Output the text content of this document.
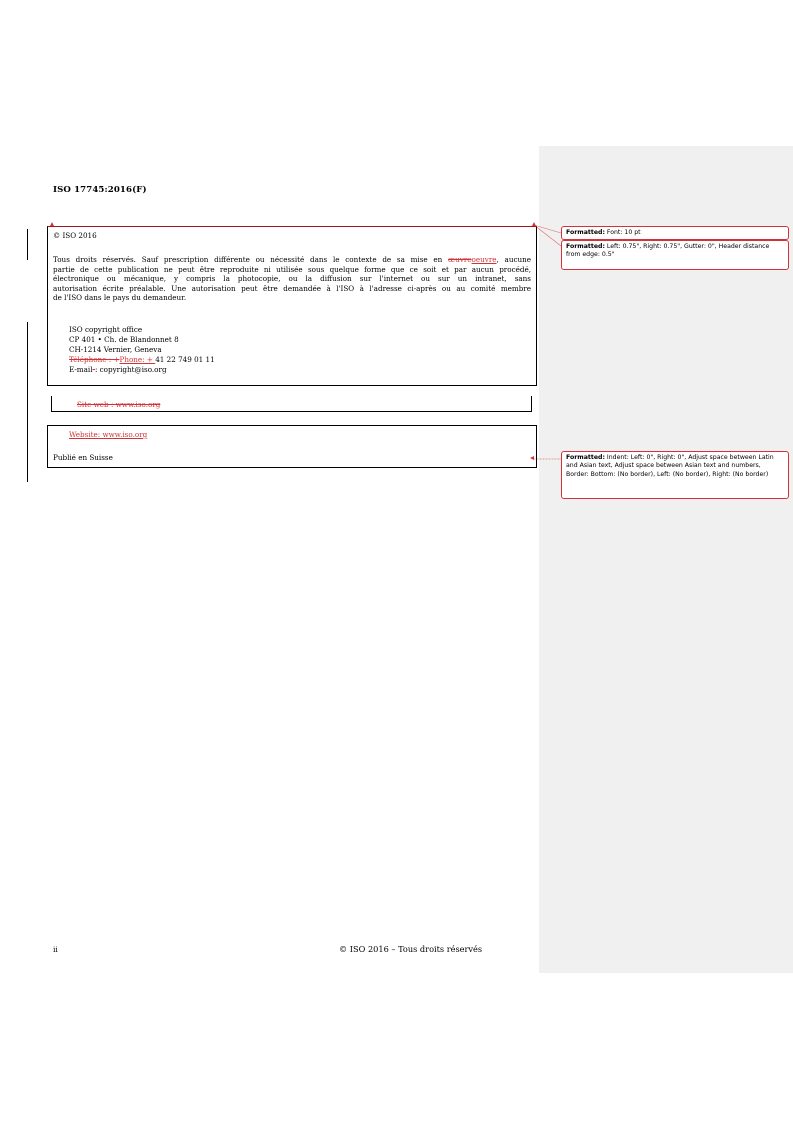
ISO 17745:2016(F)
© ISO 2016
Tous droits réservés. Sauf prescription différente ou nécessité dans le contexte de sa mise en œuvreoeuvre, aucune
partie de cette publication ne peut être reproduite ni utilisée sous quelque forme que ce soit et par aucun procédé,
électronique ou mécanique, y compris la photocopie, ou la diffusion sur l'internet ou sur un intranet, sans
autorisation écrite préalable. Une autorisation peut être demandée à l'ISO à l'adresse ci-après ou au comité membre
de l'ISO dans le pays du demandeur.
ISO copyright office
CP 401 • Ch. de Blandonnet 8
CH-1214 Vernier, Geneva
Téléphone : +Phone: + 41 22 749 01 11
E-mail-: copyright@iso.org
Site web : www.iso.org
Website: www.iso.org
Publié en Suisse
Formatted: Font: 10 pt
Formatted: Left: 0.75", Right: 0.75", Gutter: 0", Header distance from edge: 0.5"
Formatted: Indent: Left: 0", Right: 0", Adjust space between Latin and Asian text, Adjust space between Asian text and numbers, Border: Bottom: (No border), Left: (No border), Right: (No border)
ii	© ISO 2016 – Tous droits réservés
